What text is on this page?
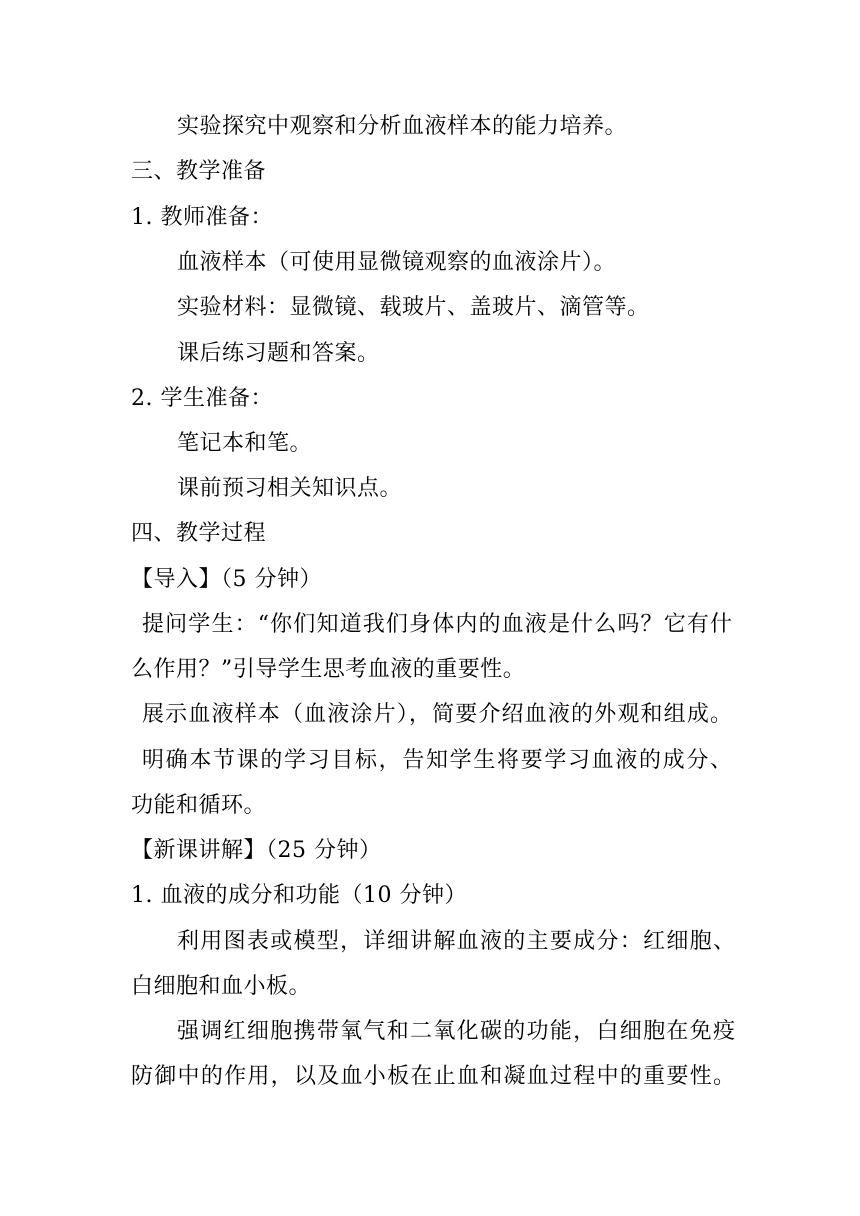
实验探究中观察和分析血液样本的能力培养。
三、教学准备
1. 教师准备：
血液样本（可使用显微镜观察的血液涂片）。
实验材料：显微镜、载玻片、盖玻片、滴管等。
课后练习题和答案。
2. 学生准备：
笔记本和笔。
课前预习相关知识点。
四、教学过程
【导入】（5 分钟）
提问学生：“你们知道我们身体内的血液是什么吗？它有什
么作用？”引导学生思考血液的重要性。
展示血液样本（血液涂片），简要介绍血液的外观和组成。
明确本节课的学习目标，告知学生将要学习血液的成分、
功能和循环。
【新课讲解】（25 分钟）
1. 血液的成分和功能（10 分钟）
利用图表或模型，详细讲解血液的主要成分：红细胞、
白细胞和血小板。
强调红细胞携带氧气和二氧化碳的功能，白细胞在免疫
防御中的作用，以及血小板在止血和凝血过程中的重要性。
